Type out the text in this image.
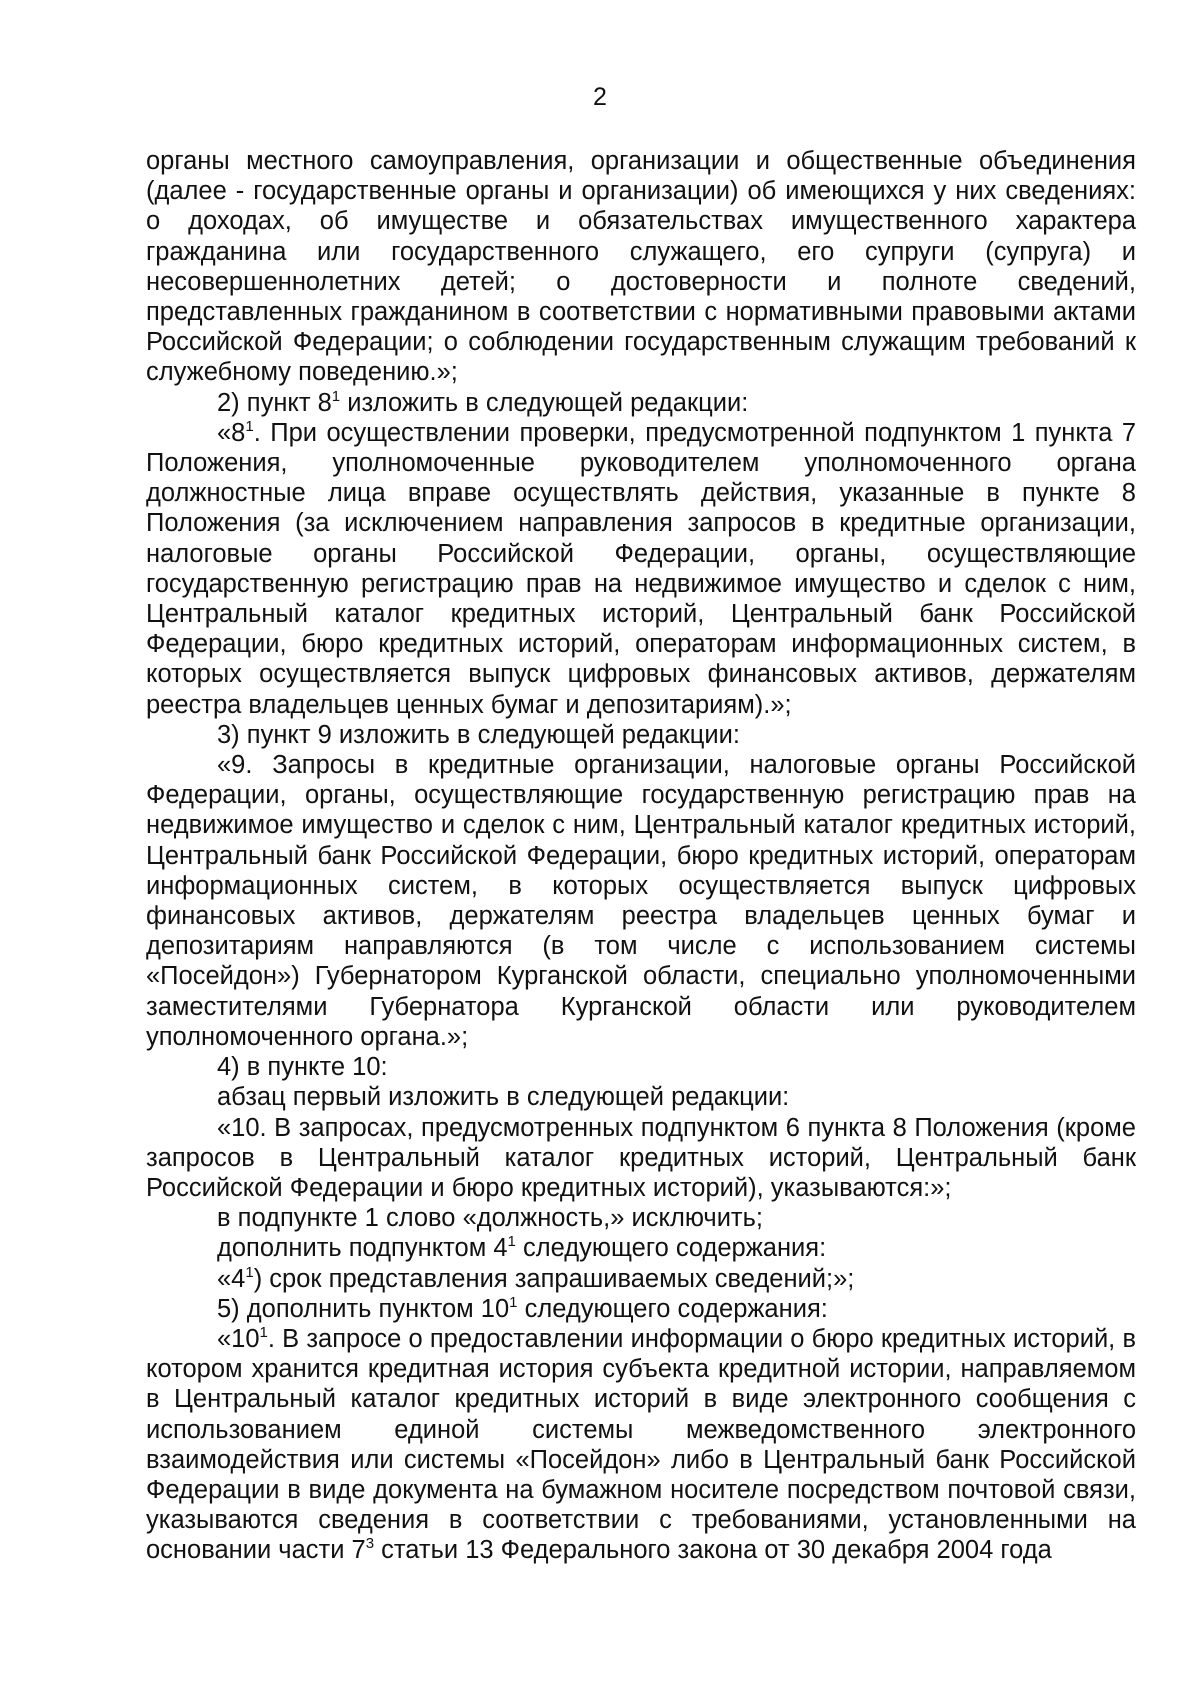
2

органы местного самоуправления, организации и общественные объединения (далее - государственные органы и организации) об имеющихся у них сведениях: о доходах, об имуществе и обязательствах имущественного характера гражданина или государственного служащего, его супруги (супруга) и несовершеннолетних детей; о достоверности и полноте сведений, представленных гражданином в соответствии с нормативными правовыми актами Российской Федерации; о соблюдении государственным служащим требований к служебному поведению.»;

2) пункт $8^1$ изложить в следующей редакции:

«$8^1$. При осуществлении проверки, предусмотренной подпунктом 1 пункта 7 Положения, уполномоченные руководителем уполномоченного органа должностные лица вправе осуществлять действия, указанные в пункте 8 Положения (за исключением направления запросов в кредитные организации, налоговые органы Российской Федерации, органы, осуществляющие государственную регистрацию прав на недвижимое имущество и сделок с ним, Центральный каталог кредитных историй, Центральный банк Российской Федерации, бюро кредитных историй, операторам информационных систем, в которых осуществляется выпуск цифровых финансовых активов, держателям реестра владельцев ценных бумаг и депозитариям).»;

3) пункт 9 изложить в следующей редакции:

«9. Запросы в кредитные организации, налоговые органы Российской Федерации, органы, осуществляющие государственную регистрацию прав на недвижимое имущество и сделок с ним, Центральный каталог кредитных историй, Центральный банк Российской Федерации, бюро кредитных историй, операторам информационных систем, в которых осуществляется выпуск цифровых финансовых активов, держателям реестра владельцев ценных бумаг и депозитариям направляются (в том числе с использованием системы «Посейдон») Губернатором Курганской области, специально уполномоченными заместителями Губернатора Курганской области или руководителем уполномоченного органа.»;

4) в пункте 10:

абзац первый изложить в следующей редакции:

«10. В запросах, предусмотренных подпунктом 6 пункта 8 Положения (кроме запросов в Центральный каталог кредитных историй, Центральный банк Российской Федерации и бюро кредитных историй), указываются:»;

в подпункте 1 слово «должность,» исключить;

дополнить подпунктом $4^1$ следующего содержания:

«$4^1$) срок представления запрашиваемых сведений;»;

5) дополнить пунктом $10^1$ следующего содержания:

«$10^1$. В запросе о предоставлении информации о бюро кредитных историй, в котором хранится кредитная история субъекта кредитной истории, направляемом в Центральный каталог кредитных историй в виде электронного сообщения с использованием единой системы межведомственного электронного взаимодействия или системы «Посейдон» либо в Центральный банк Российской Федерации в виде документа на бумажном носителе посредством почтовой связи, указываются сведения в соответствии с требованиями, установленными на основании части $7^3$ статьи 13 Федерального закона от 30 декабря 2004 года
